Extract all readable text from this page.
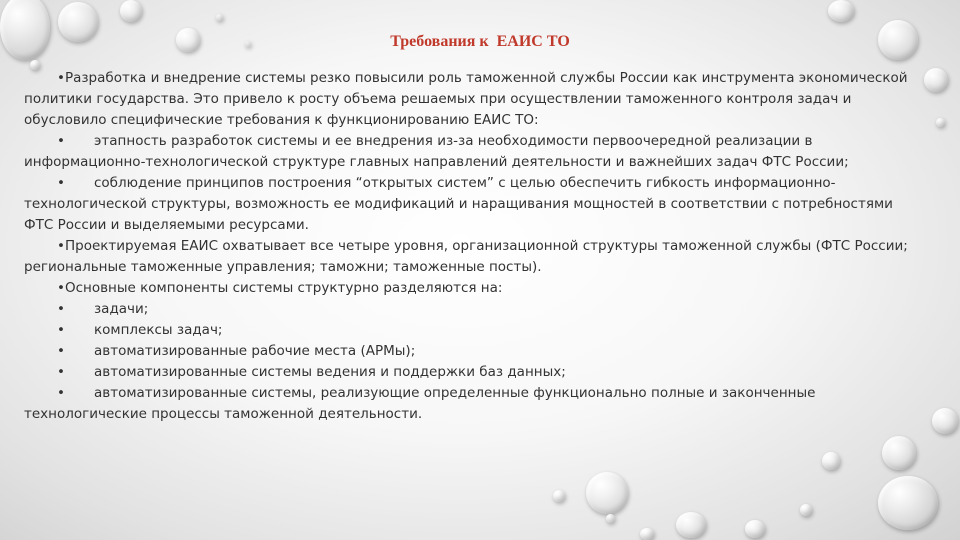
Требования к  ЕАИС ТО

• Разработка и внедрение системы резко повысили роль таможенной службы России как инструмента экономической политики государства. Это привело к росту объема решаемых при осуществлении таможенного контроля задач и обусловило специфические требования к функционированию ЕАИС ТО:

•этапность разработок системы и ее внедрения из-за необходимости первоочередной реализации в информационно-технологической структуре главных направлений деятельности и важнейших задач ФТС России;

•соблюдение принципов построения “открытых систем” с целью обеспечить гибкость информационно-технологической структуры, возможность ее модификаций и наращивания мощностей в соответствии с потребностями ФТС России и выделяемыми ресурсами.

• Проектируемая ЕАИС охватывает все четыре уровня, организационной структуры таможенной службы (ФТС России; региональные таможенные управления; таможни; таможенные посты).

• Основные компоненты системы структурно разделяются на:

•задачи;

•комплексы задач;

•автоматизированные рабочие места (АРМы);

•автоматизированные системы ведения и поддержки баз данных;

•автоматизированные системы, реализующие определенные функционально полные и законченные технологические процессы таможенной деятельности.
